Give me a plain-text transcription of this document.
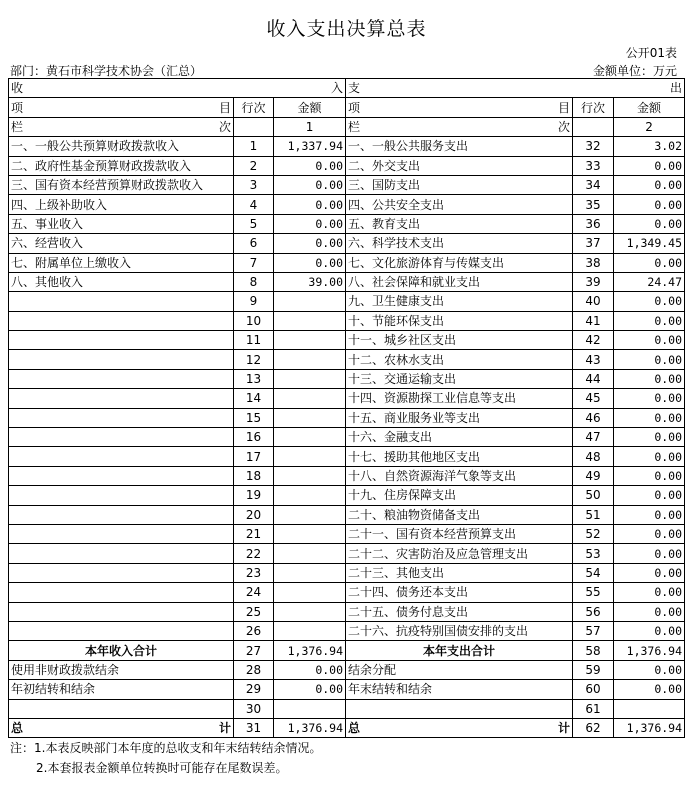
收入支出决算总表
公开01表
部门：黄石市科学技术协会（汇总）	金额单位：万元
收 入			支 出		

项 目	行次	金额	项 目	行次	金额

栏 次		1	栏 次		2
一、一般公共预算财政拨款收入	1	1,337.94	一、一般公共服务支出	32	3.02
二、政府性基金预算财政拨款收入	2	0.00	二、外交支出	33	0.00
三、国有资本经营预算财政拨款收入	3	0.00	三、国防支出	34	0.00
四、上级补助收入	4	0.00	四、公共安全支出	35	0.00
五、事业收入	5	0.00	五、教育支出	36	0.00
六、经营收入	6	0.00	六、科学技术支出	37	1,349.45
七、附属单位上缴收入	7	0.00	七、文化旅游体育与传媒支出	38	0.00
八、其他收入	8	39.00	八、社会保障和就业支出	39	24.47
	9		九、卫生健康支出	40	0.00
	10		十、节能环保支出	41	0.00
	11		十一、城乡社区支出	42	0.00
	12		十二、农林水支出	43	0.00
	13		十三、交通运输支出	44	0.00
	14		十四、资源勘探工业信息等支出	45	0.00
	15		十五、商业服务业等支出	46	0.00
	16		十六、金融支出	47	0.00
	17		十七、援助其他地区支出	48	0.00
	18		十八、自然资源海洋气象等支出	49	0.00
	19		十九、住房保障支出	50	0.00
	20		二十、粮油物资储备支出	51	0.00
	21		二十一、国有资本经营预算支出	52	0.00
	22		二十二、灾害防治及应急管理支出	53	0.00
	23		二十三、其他支出	54	0.00
	24		二十四、债务还本支出	55	0.00
	25		二十五、债务付息支出	56	0.00
	26		二十六、抗疫特别国债安排的支出	57	0.00
本年收入合计	27	1,376.94	本年支出合计	58	1,376.94
使用非财政拨款结余	28	0.00	结余分配	59	0.00
年初结转和结余	29	0.00	年末结转和结余	60	0.00
	30			61	

总 计	31	1,376.94	总 计	62	1,376.94
注：1.本表反映部门本年度的总收支和年末结转结余情况。
2.本套报表金额单位转换时可能存在尾数误差。
